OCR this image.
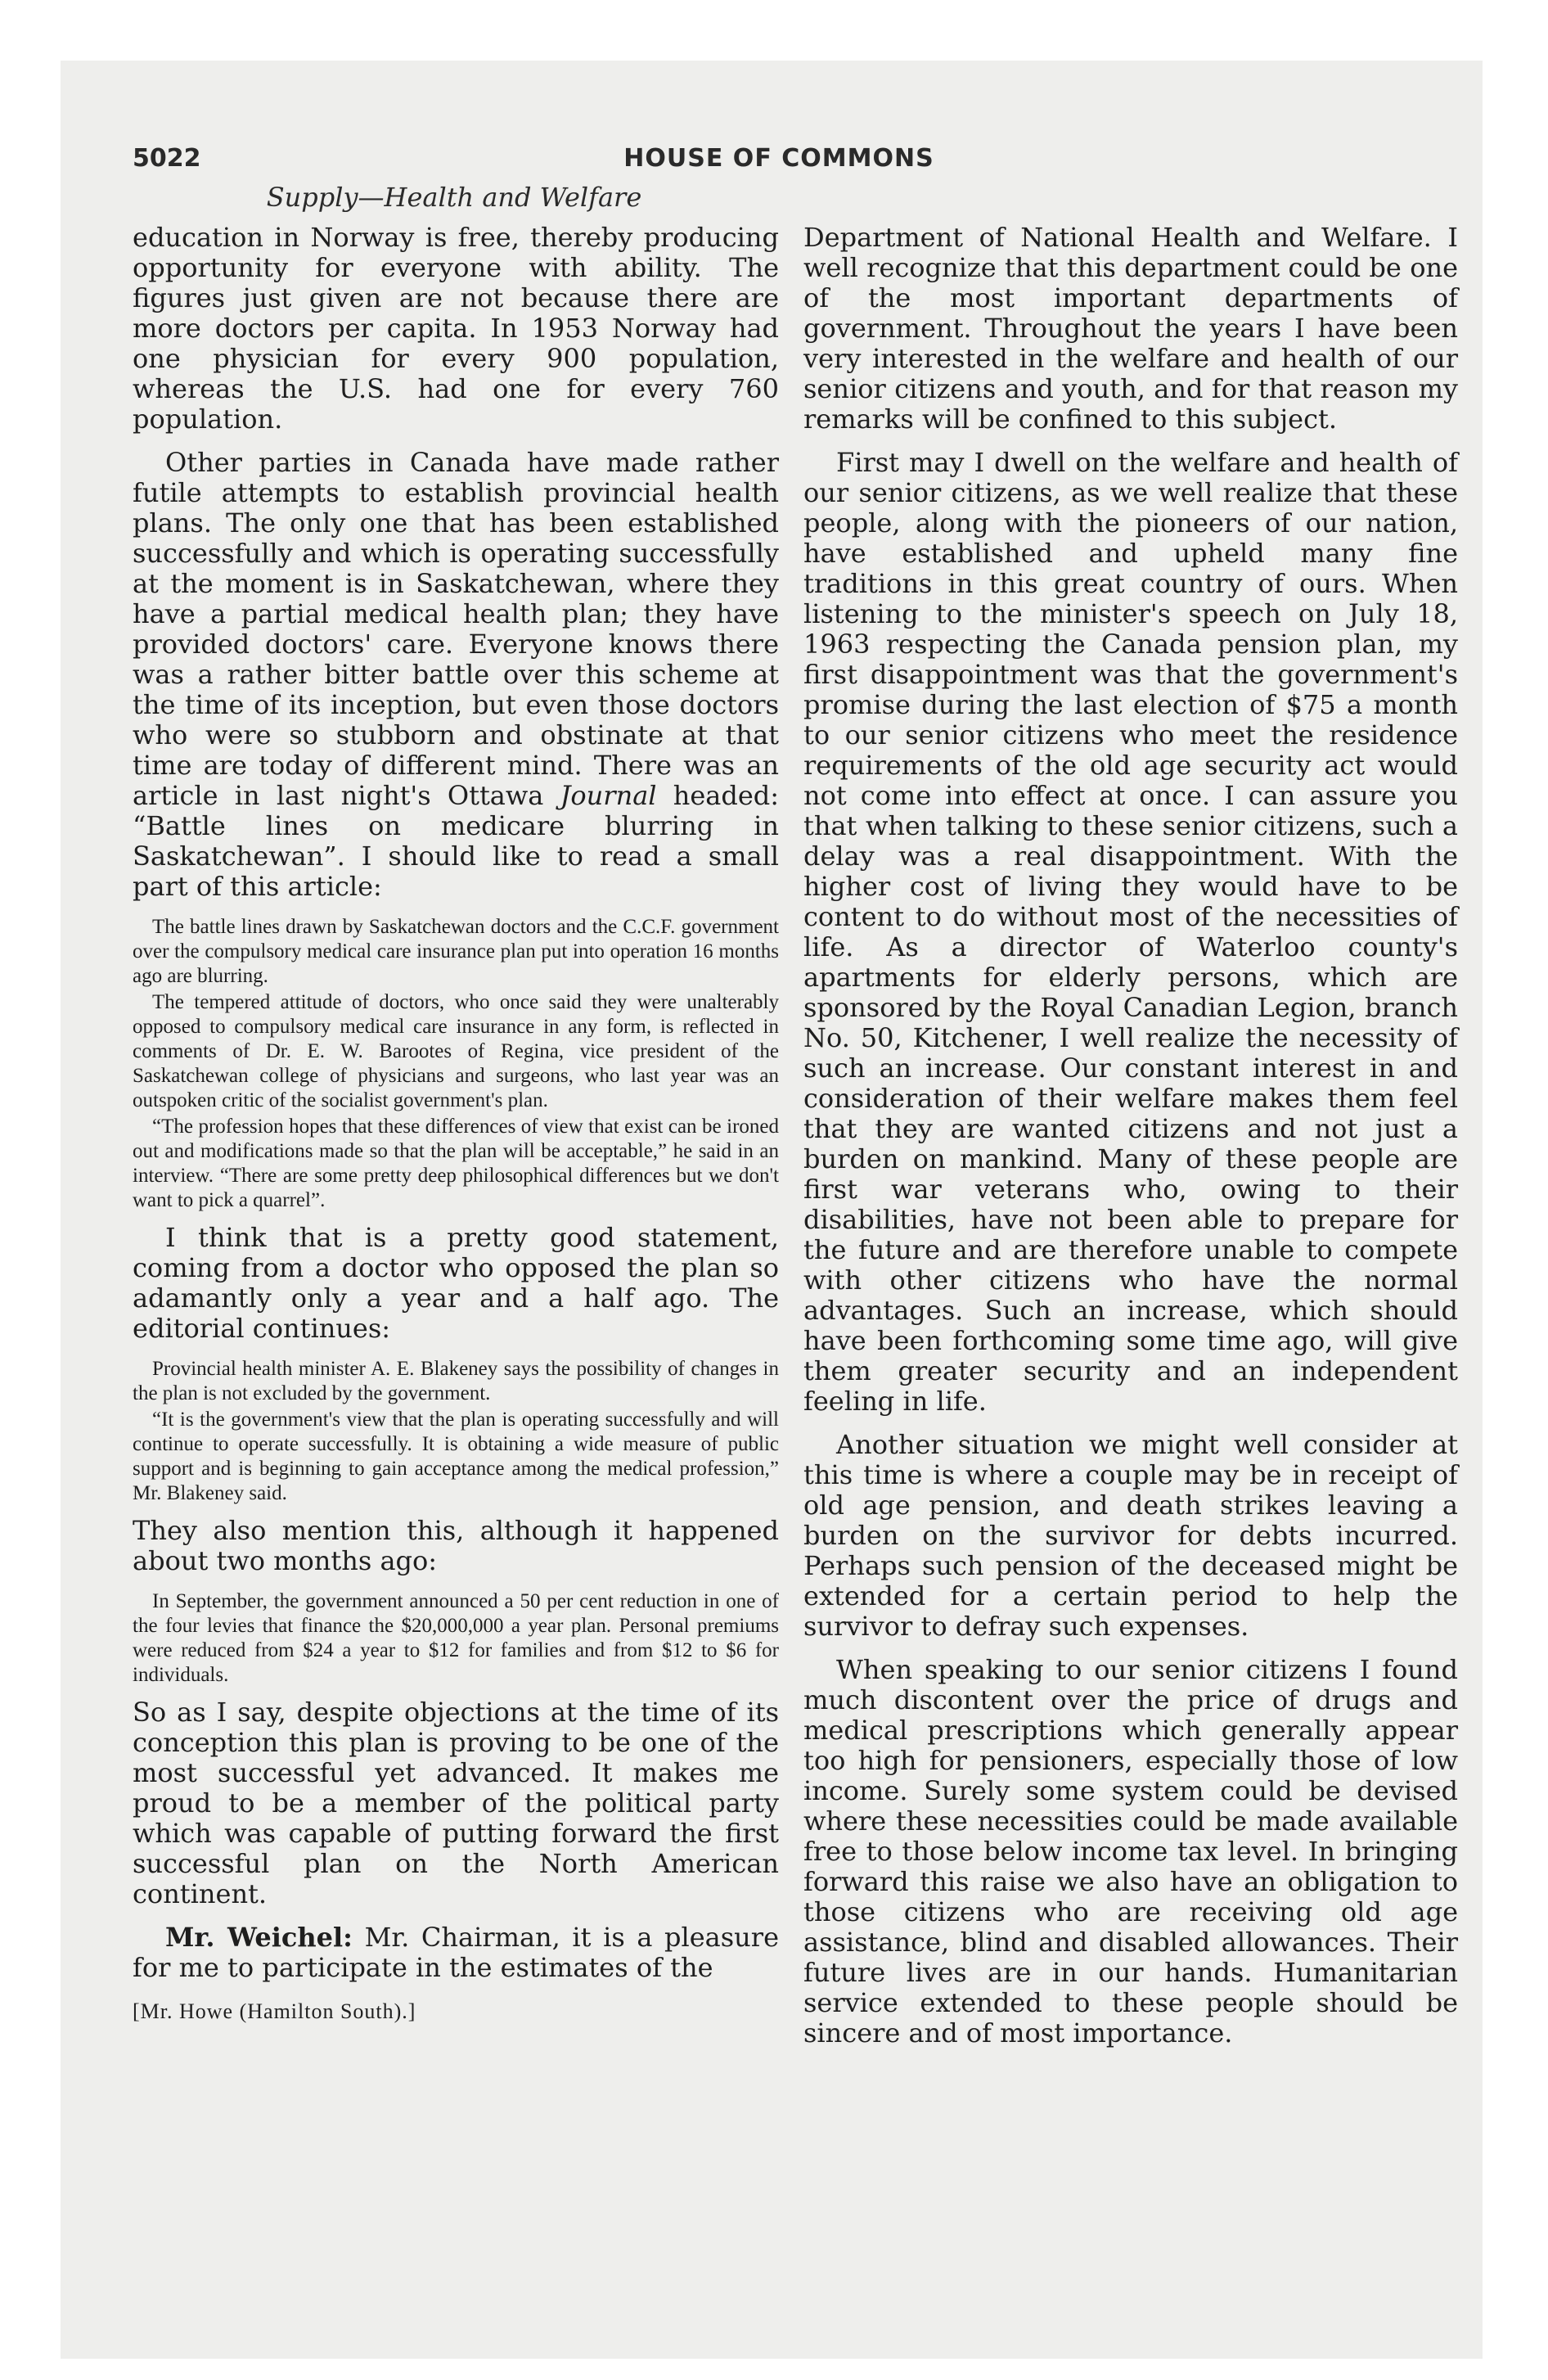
5022	HOUSE OF COMMONS
Supply—Health and Welfare

education in Norway is free, thereby producing opportunity for everyone with ability. The figures just given are not because there are more doctors per capita. In 1953 Norway had one physician for every 900 population, whereas the U.S. had one for every 760 population.

Other parties in Canada have made rather futile attempts to establish provincial health plans. The only one that has been established successfully and which is operating successfully at the moment is in Saskatchewan, where they have a partial medical health plan; they have provided doctors' care. Everyone knows there was a rather bitter battle over this scheme at the time of its inception, but even those doctors who were so stubborn and obstinate at that time are today of different mind. There was an article in last night's Ottawa Journal headed: “Battle lines on medicare blurring in Saskatchewan”. I should like to read a small part of this article:

The battle lines drawn by Saskatchewan doctors and the C.C.F. government over the compulsory medical care insurance plan put into operation 16 months ago are blurring.

The tempered attitude of doctors, who once said they were unalterably opposed to compulsory medical care insurance in any form, is reflected in comments of Dr. E. W. Barootes of Regina, vice president of the Saskatchewan college of physicians and surgeons, who last year was an outspoken critic of the socialist government's plan.

“The profession hopes that these differences of view that exist can be ironed out and modifications made so that the plan will be acceptable,” he said in an interview. “There are some pretty deep philosophical differences but we don't want to pick a quarrel”.

I think that is a pretty good statement, coming from a doctor who opposed the plan so adamantly only a year and a half ago. The editorial continues:

Provincial health minister A. E. Blakeney says the possibility of changes in the plan is not excluded by the government.

“It is the government's view that the plan is operating successfully and will continue to operate successfully. It is obtaining a wide measure of public support and is beginning to gain acceptance among the medical profession,” Mr. Blakeney said.

They also mention this, although it happened about two months ago:

In September, the government announced a 50 per cent reduction in one of the four levies that finance the $20,000,000 a year plan. Personal premiums were reduced from $24 a year to $12 for families and from $12 to $6 for individuals.

So as I say, despite objections at the time of its conception this plan is proving to be one of the most successful yet advanced. It makes me proud to be a member of the political party which was capable of putting forward the first successful plan on the North American continent.

Mr. Weichel: Mr. Chairman, it is a pleasure for me to participate in the estimates of the

[Mr. Howe (Hamilton South).]

Department of National Health and Welfare. I well recognize that this department could be one of the most important departments of government. Throughout the years I have been very interested in the welfare and health of our senior citizens and youth, and for that reason my remarks will be confined to this subject.

First may I dwell on the welfare and health of our senior citizens, as we well realize that these people, along with the pioneers of our nation, have established and upheld many fine traditions in this great country of ours. When listening to the minister's speech on July 18, 1963 respecting the Canada pension plan, my first disappointment was that the government's promise during the last election of $75 a month to our senior citizens who meet the residence requirements of the old age security act would not come into effect at once. I can assure you that when talking to these senior citizens, such a delay was a real disappointment. With the higher cost of living they would have to be content to do without most of the necessities of life. As a director of Waterloo county's apartments for elderly persons, which are sponsored by the Royal Canadian Legion, branch No. 50, Kitchener, I well realize the necessity of such an increase. Our constant interest in and consideration of their welfare makes them feel that they are wanted citizens and not just a burden on mankind. Many of these people are first war veterans who, owing to their disabilities, have not been able to prepare for the future and are therefore unable to compete with other citizens who have the normal advantages. Such an increase, which should have been forthcoming some time ago, will give them greater security and an independent feeling in life.

Another situation we might well consider at this time is where a couple may be in receipt of old age pension, and death strikes leaving a burden on the survivor for debts incurred. Perhaps such pension of the deceased might be extended for a certain period to help the survivor to defray such expenses.

When speaking to our senior citizens I found much discontent over the price of drugs and medical prescriptions which generally appear too high for pensioners, especially those of low income. Surely some system could be devised where these necessities could be made available free to those below income tax level. In bringing forward this raise we also have an obligation to those citizens who are receiving old age assistance, blind and disabled allowances. Their future lives are in our hands. Humanitarian service extended to these people should be sincere and of most importance.
